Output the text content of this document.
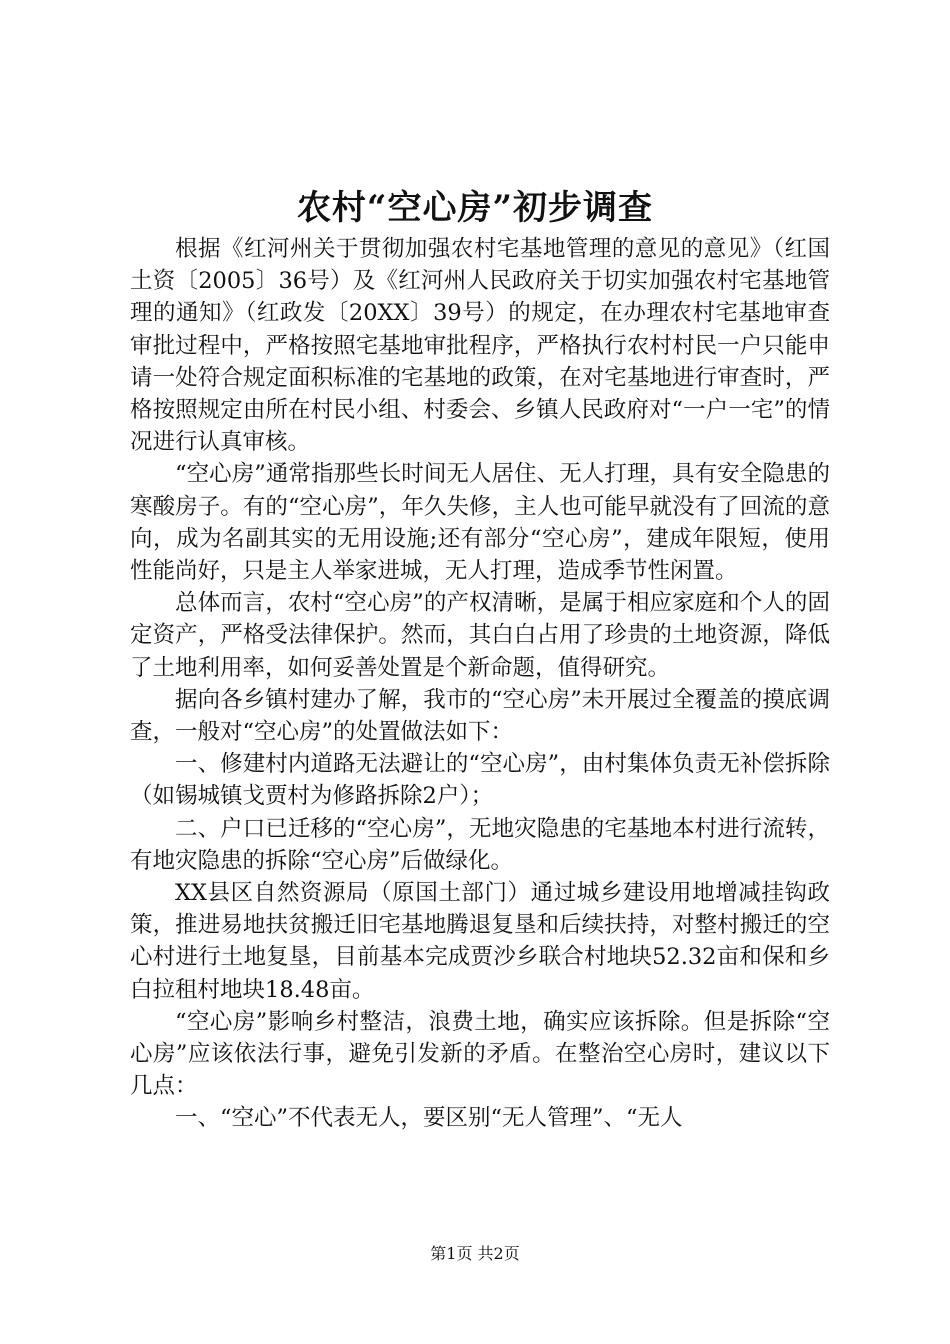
农村“空心房”初步调查

根据《红河州关于贯彻加强农村宅基地管理的意见的意见》（红国土资〔2005〕36号）及《红河州人民政府关于切实加强农村宅基地管理的通知》（红政发〔20XX〕39号）的规定，在办理农村宅基地审查审批过程中，严格按照宅基地审批程序，严格执行农村村民一户只能申请一处符合规定面积标准的宅基地的政策，在对宅基地进行审查时，严格按照规定由所在村民小组、村委会、乡镇人民政府对“一户一宅”的情况进行认真审核。

“空心房”通常指那些长时间无人居住、无人打理，具有安全隐患的寒酸房子。有的“空心房”，年久失修，主人也可能早就没有了回流的意向，成为名副其实的无用设施;还有部分“空心房”，建成年限短，使用性能尚好，只是主人举家进城，无人打理，造成季节性闲置。

总体而言，农村“空心房”的产权清晰，是属于相应家庭和个人的固定资产，严格受法律保护。然而，其白白占用了珍贵的土地资源，降低了土地利用率，如何妥善处置是个新命题，值得研究。

据向各乡镇村建办了解，我市的“空心房”未开展过全覆盖的摸底调查，一般对“空心房”的处置做法如下：

一、修建村内道路无法避让的“空心房”，由村集体负责无补偿拆除（如锡城镇戈贾村为修路拆除2户）；

二、户口已迁移的“空心房”，无地灾隐患的宅基地本村进行流转，有地灾隐患的拆除“空心房”后做绿化。

XX县区自然资源局（原国土部门）通过城乡建设用地增减挂钩政策，推进易地扶贫搬迁旧宅基地腾退复垦和后续扶持，对整村搬迁的空心村进行土地复垦，目前基本完成贾沙乡联合村地块52.32亩和保和乡白拉租村地块18.48亩。

“空心房”影响乡村整洁，浪费土地，确实应该拆除。但是拆除“空心房”应该依法行事，避免引发新的矛盾。在整治空心房时，建议以下几点：

一、“空心”不代表无人，要区别“无人管理”、“无人

第1页 共2页
